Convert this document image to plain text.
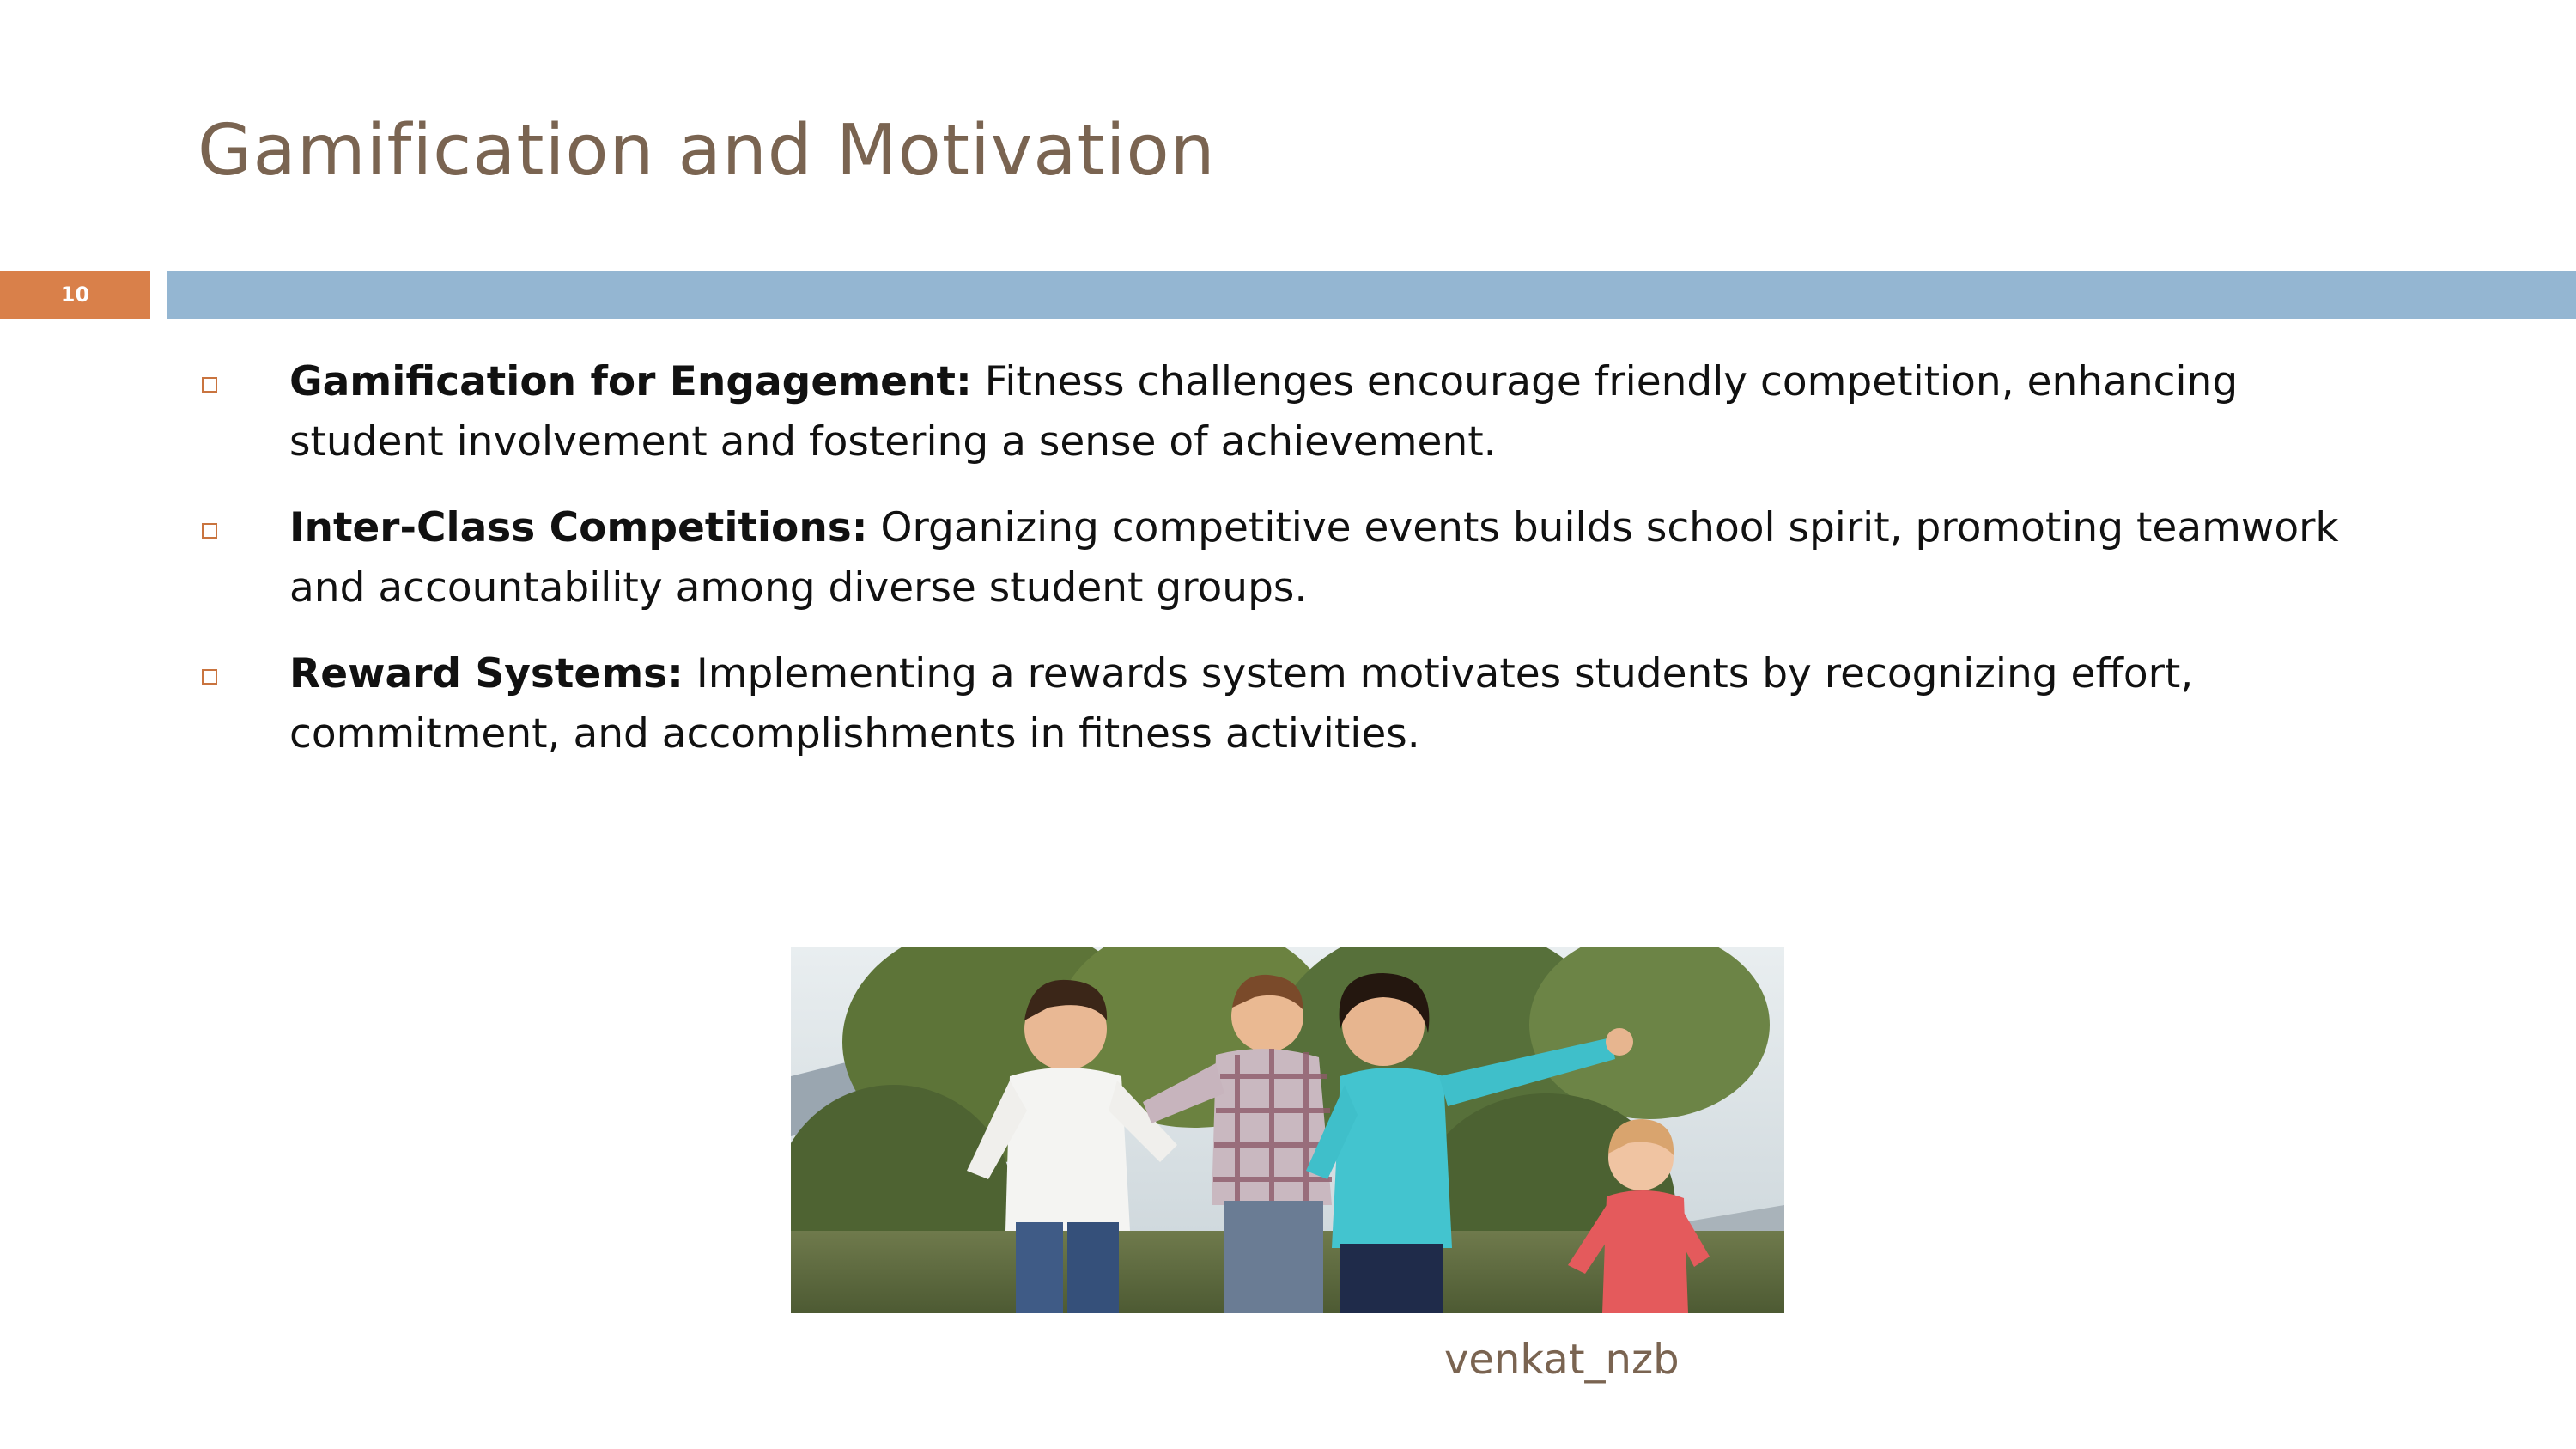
Gamification and Motivation
10
Gamification for Engagement: Fitness challenges encourage friendly competition, enhancing student involvement and fostering a sense of achievement.
Inter-Class Competitions: Organizing competitive events builds school spirit, promoting teamwork and accountability among diverse student groups.
Reward Systems: Implementing a rewards system motivates students by recognizing effort, commitment, and accomplishments in fitness activities.
venkat_nzb
